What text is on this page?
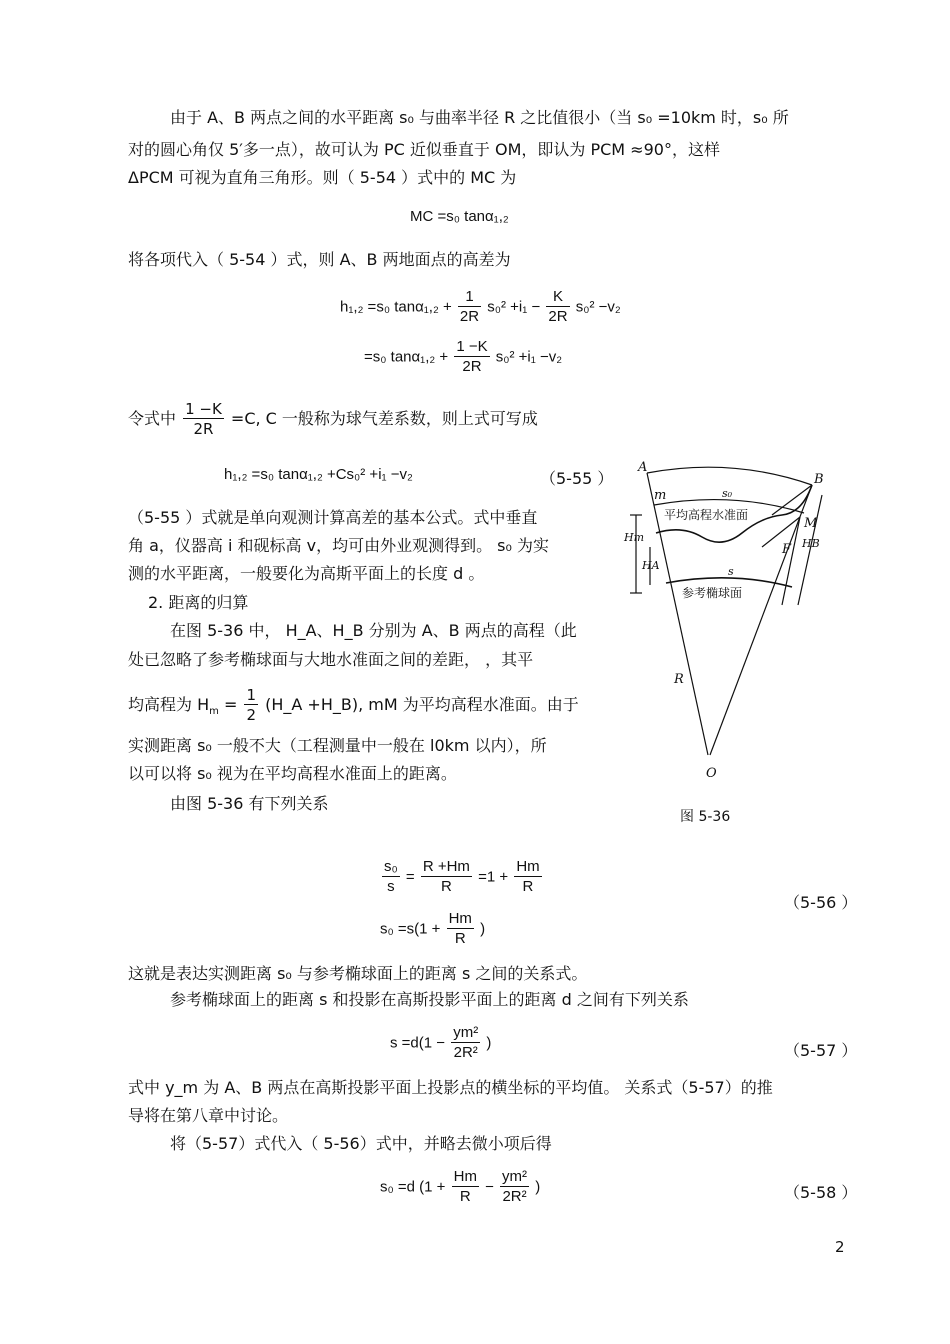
由于 A、B 两点之间的水平距离 s₀ 与曲率半径 R 之比值很小（当 s₀ =10km 时，s₀ 所
对的圆心角仅 5′多一点），故可认为 PC 近似垂直于 OM，即认为 PCM ≈90°，这样
ΔPCM 可视为直角三角形。则（ 5-54 ）式中的 MC 为
MC =s₀ tanα₁,₂
将各项代入（ 5-54 ）式，则 A、B 两地面点的高差为
h₁,₂ =s₀ $\tan\alpha_1,_2 + \frac{1}{2R} s_0^2 +i_1 - \frac{K}{2R} s_0^2 -v_2$
=s₀ $\tan\alpha_1,_2 + \frac{1 -K}{2R} s_0^2 +i_1 -v_2$
令式中 $\frac{1 -K}{2R} =C$, C 一般称为球气差系数，则上式可写成
h₁,₂ =s₀ tanα₁,₂ +Cs₀² +i₁ −v₂	（5-55 ）
（5-55 ）式就是单向观测计算高差的基本公式。式中垂直
角 a，仪器高 i 和砚标高 v，均可由外业观测得到。 s₀ 为实
测的水平距离，一般要化为高斯平面上的长度 d 。
2. 距离的归算
在图 5-36 中， H_A、H_B 分别为 A、B 两点的高程（此
处已忽略了参考椭球面与大地水准面之间的差距， ，其平
均高程为 $H_m = \frac{1}{2}$ (H_A +H_B), mM 为平均高程水准面。由于
实测距离 s₀ 一般不大（工程测量中一般在 l0km 以内），所
以可以将 s₀ 视为在平均高程水准面上的距离。
由图 5-36 有下列关系
A
B
m	s₀
M
F
Hm
HA
HB
s
R
O
平均高程水准面
参考椭球面
图 5-36
$\frac{\text{s₀}}{s} = \frac{R +Hm}{R} =1 + \frac{Hm}{R}$
$s_0 =s(1 + \frac{Hm}{R}$ )
（5-56 ）
这就是表达实测距离 s₀ 与参考椭球面上的距离 s 之间的关系式。
参考椭球面上的距离 s 和投影在高斯投影平面上的距离 d 之间有下列关系
$s =d(1 - \frac{\text{ym²}}{\text{2R²}}$ )	（5-57 ）
式中 y_m 为 A、B 两点在高斯投影平面上投影点的横坐标的平均值。 关系式（5-57）的推
导将在第八章中讨论。
将（5-57）式代入（ 5-56）式中，并略去微小项后得
s₀ =d ($1 + \frac{Hm}{R} - \frac{\text{ym²}}{\text{2R²}}$ )	（5-58 ）
2
